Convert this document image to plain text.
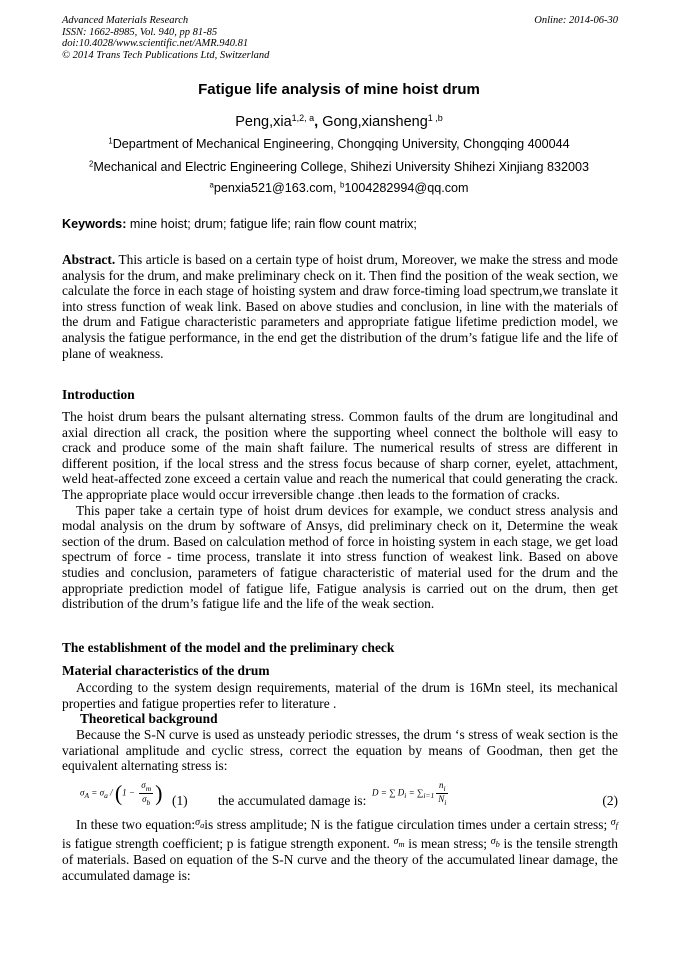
Advanced Materials Research
ISSN: 1662-8985, Vol. 940, pp 81-85
doi:10.4028/www.scientific.net/AMR.940.81
© 2014 Trans Tech Publications Ltd, Switzerland
Online: 2014-06-30
Fatigue life analysis of mine hoist drum
Peng,xia$^{1,2, a}$, Gong,xiansheng$^{1 ,b}$
$^1$Department of Mechanical Engineering, Chongqing University, Chongqing 400044
$^2$Mechanical and Electric Engineering College, Shihezi University Shihezi Xinjiang 832003
$^a$penxia521@163.com, $^b$1004282994@qq.com
Keywords: mine hoist; drum; fatigue life; rain flow count matrix;
Abstract. This article is based on a certain type of hoist drum, Moreover, we make the stress and mode analysis for the drum, and make preliminary check on it. Then find the position of the weak section, we calculate the force in each stage of hoisting system and draw force-timing load spectrum,we translate it into stress function of weak link. Based on above studies and conclusion, in line with the materials of the drum and Fatigue characteristic parameters and appropriate fatigue lifetime prediction model, we analysis the fatigue performance, in the end get the distribution of the drum’s fatigue life and the life of plane of weakness.
Introduction

The hoist drum bears the pulsant alternating stress. Common faults of the drum are longitudinal and axial direction all crack, the position where the supporting wheel connect the bolthole will easy to crack and produce some of the main shaft failure. The numerical results of stress are different in different position, if the local stress and the stress focus because of sharp corner, eyelet, attachment, weld heat-affected zone exceed a certain value and reach the numerical that could generating the crack. The appropriate place would occur irreversible change .then leads to the formation of cracks.

This paper take a certain type of hoist drum devices for example, we conduct stress analysis and modal analysis on the drum by software of Ansys, did preliminary check on it, Determine the weak section of the drum. Based on calculation method of force in hoisting system in each stage, we get load spectrum of force - time process, translate it into stress function of weakest link. Based on above studies and conclusion, parameters of fatigue characteristic of material used for the drum and the appropriate prediction model of fatigue life, Fatigue analysis is carried out on the drum, then get distribution of the drum’s fatigue life and the life of the weak section.

The establishment of the model and the preliminary check
Material characteristics of the drum
According to the system design requirements, material of the drum is 16Mn steel, its mechanical properties and fatigue properties refer to literature .
Theoretical background
Because the S-N curve is used as unsteady periodic stresses, the drum ‘s stress of weak section is the variational amplitude and cyclic stress, correct the equation by means of Goodman, then get the equivalent alternating stress is:
$\sigma_A = \sigma_a / (1 - \frac{\sigma_m}{\sigma_b}$ ) (1) the accumulated damage is:
D = ∑ $D_i = \sum_{i=1} \frac{n_i}{N_i}$	(2)
In these two equation:$^{\sigma_a}$is stress amplitude; N is the fatigue circulation times under a certain stress; $^{\sigma_f}$ is fatigue strength coefficient; p is fatigue strength exponent. $^{\sigma_m}$ is mean stress; $^{\sigma_b}$ is the tensile strength of materials. Based on equation of the S-N curve and the theory of the accumulated linear damage, the accumulated damage is:
